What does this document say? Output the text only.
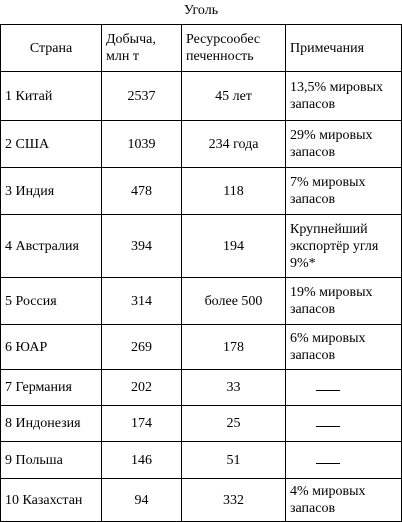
Уголь
Страна	Добыча, млн т	Ресурсообес печенность	Примечания
1 Китай	2537	45 лет	13,5% мировых запасов
2 США	1039	234 года	29% мировых запасов
3 Индия	478	118	7% мировых запасов
4 Австралия	394	194	Крупнейший экспортёр угля 9%*
5 Россия	314	более 500	19% мировых запасов
6 ЮАР	269	178	6% мировых запасов
7 Германия	202	33	
8 Индонезия	174	25	
9 Польша	146	51	
10 Казахстан	94	332	4% мировых запасов
